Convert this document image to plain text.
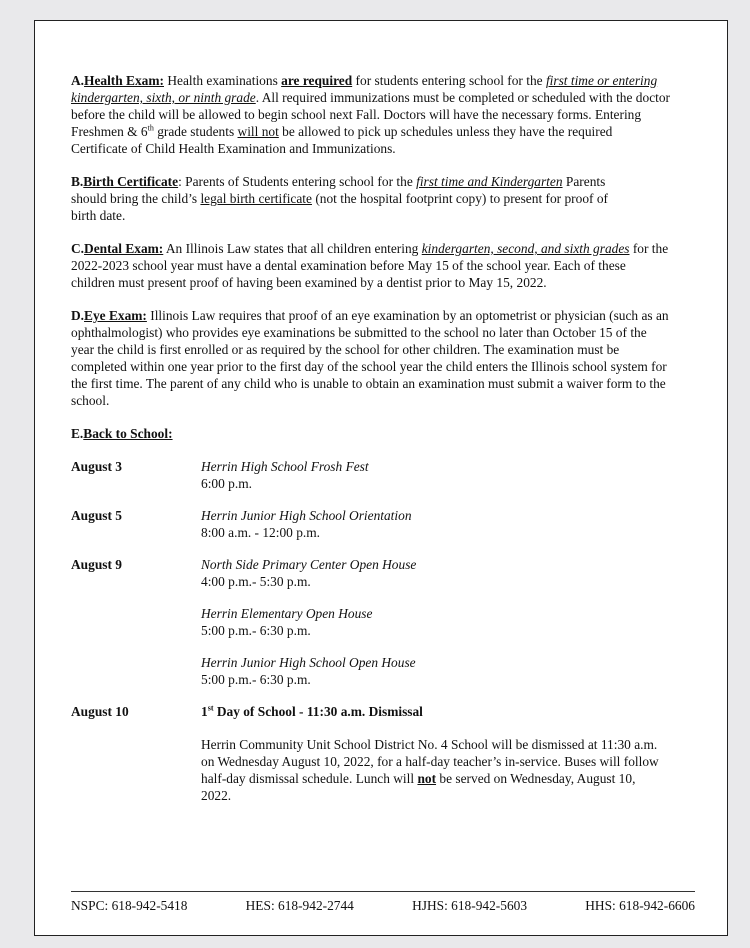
A.Health Exam: Health examinations are required for students entering school for the first time or entering kindergarten, sixth, or ninth grade. All required immunizations must be completed or scheduled with the doctor before the child will be allowed to begin school next Fall. Doctors will have the necessary forms. Entering Freshmen & 6th grade students will not be allowed to pick up schedules unless they have the required Certificate of Child Health Examination and Immunizations.

B.Birth Certificate: Parents of Students entering school for the first time and Kindergarten Parents should bring the child’s legal birth certificate (not the hospital footprint copy) to present for proof of birth date.

C.Dental Exam: An Illinois Law states that all children entering kindergarten, second, and sixth grades for the 2022-2023 school year must have a dental examination before May 15 of the school year. Each of these children must present proof of having been examined by a dentist prior to May 15, 2022.

D.Eye Exam: Illinois Law requires that proof of an eye examination by an optometrist or physician (such as an ophthalmologist) who provides eye examinations be submitted to the school no later than October 15 of the year the child is first enrolled or as required by the school for other children. The examination must be completed within one year prior to the first day of the school year the child enters the Illinois school system for the first time. The parent of any child who is unable to obtain an examination must submit a waiver form to the school.

E.Back to School:

August 3	Herrin High School Frosh Fest
6:00 p.m.
August 5	Herrin Junior High School Orientation
8:00 a.m. - 12:00 p.m.
August 9	North Side Primary Center Open House
4:00 p.m.- 5:30 p.m.
Herrin Elementary Open House
5:00 p.m.- 6:30 p.m.
Herrin Junior High School Open House
5:00 p.m.- 6:30 p.m.
August 10	1st Day of School - 11:30 a.m. Dismissal
Herrin Community Unit School District No. 4 School will be dismissed at 11:30 a.m. on Wednesday August 10, 2022, for a half-day teacher’s in-service. Buses will follow half-day dismissal schedule. Lunch will not be served on Wednesday, August 10, 2022.
NSPC: 618-942-5418	HES: 618-942-2744	HJHS: 618-942-5603	HHS: 618-942-6606
